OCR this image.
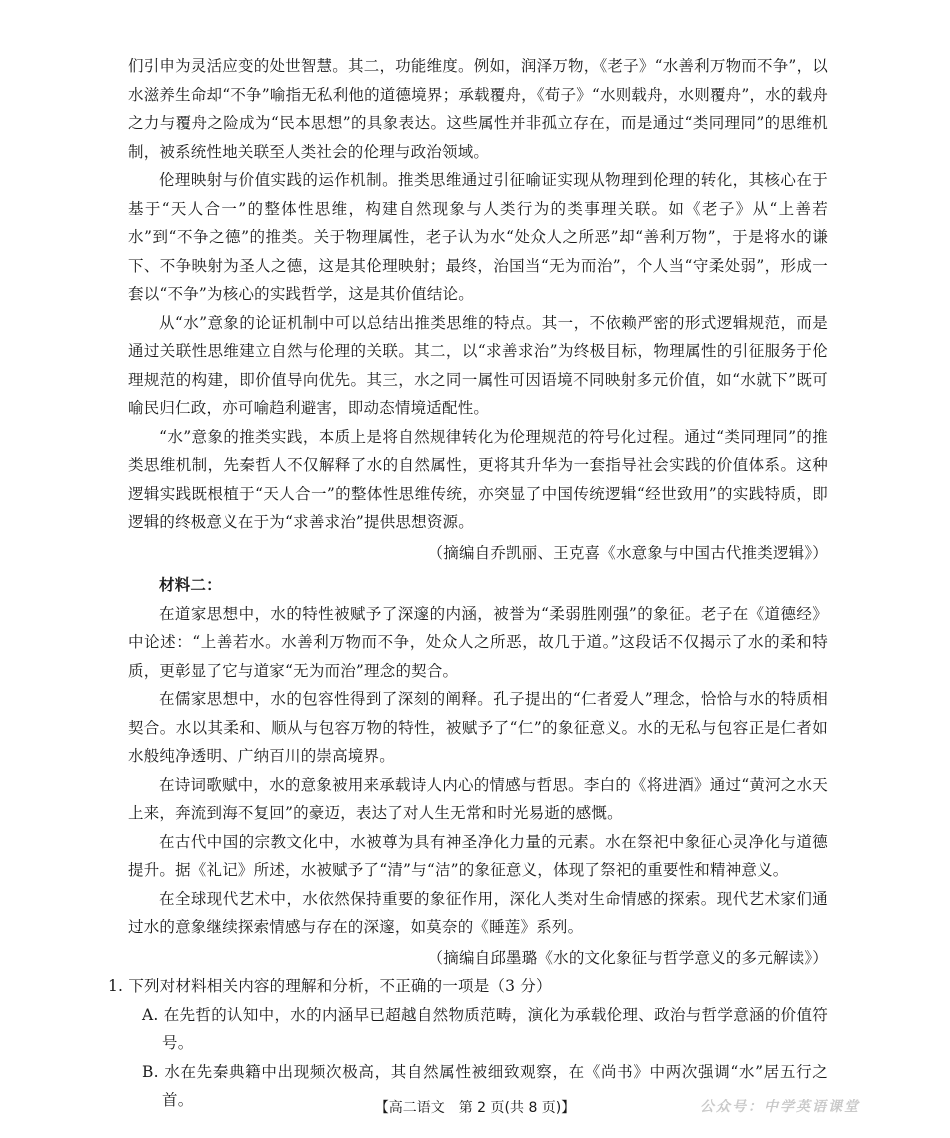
们引申为灵活应变的处世智慧。其二，功能维度。例如，润泽万物，《老子》“水善利万物而不争”，以水滋养生命却“不争”喻指无私利他的道德境界；承载覆舟，《荀子》“水则载舟，水则覆舟”，水的载舟之力与覆舟之险成为“民本思想”的具象表达。这些属性并非孤立存在，而是通过“类同理同”的思维机制，被系统性地关联至人类社会的伦理与政治领域。

伦理映射与价值实践的运作机制。推类思维通过引征喻证实现从物理到伦理的转化，其核心在于基于“天人合一”的整体性思维，构建自然现象与人类行为的类事理关联。如《老子》从“上善若水”到“不争之德”的推类。关于物理属性，老子认为水“处众人之所恶”却“善利万物”，于是将水的谦下、不争映射为圣人之德，这是其伦理映射；最终，治国当“无为而治”，个人当“守柔处弱”，形成一套以“不争”为核心的实践哲学，这是其价值结论。

从“水”意象的论证机制中可以总结出推类思维的特点。其一，不依赖严密的形式逻辑规范，而是通过关联性思维建立自然与伦理的关联。其二，以“求善求治”为终极目标，物理属性的引征服务于伦理规范的构建，即价值导向优先。其三，水之同一属性可因语境不同映射多元价值，如“水就下”既可喻民归仁政，亦可喻趋利避害，即动态情境适配性。

“水”意象的推类实践，本质上是将自然规律转化为伦理规范的符号化过程。通过“类同理同”的推类思维机制，先秦哲人不仅解释了水的自然属性，更将其升华为一套指导社会实践的价值体系。这种逻辑实践既根植于“天人合一”的整体性思维传统，亦突显了中国传统逻辑“经世致用”的实践特质，即逻辑的终极意义在于为“求善求治”提供思想资源。

（摘编自乔凯丽、王克喜《水意象与中国古代推类逻辑》）

材料二：

在道家思想中，水的特性被赋予了深邃的内涵，被誉为“柔弱胜刚强”的象征。老子在《道德经》中论述：“上善若水。水善利万物而不争，处众人之所恶，故几于道。”这段话不仅揭示了水的柔和特质，更彰显了它与道家“无为而治”理念的契合。

在儒家思想中，水的包容性得到了深刻的阐释。孔子提出的“仁者爱人”理念，恰恰与水的特质相契合。水以其柔和、顺从与包容万物的特性，被赋予了“仁”的象征意义。水的无私与包容正是仁者如水般纯净透明、广纳百川的崇高境界。

在诗词歌赋中，水的意象被用来承载诗人内心的情感与哲思。李白的《将进酒》通过“黄河之水天上来，奔流到海不复回”的豪迈，表达了对人生无常和时光易逝的感慨。

在古代中国的宗教文化中，水被尊为具有神圣净化力量的元素。水在祭祀中象征心灵净化与道德提升。据《礼记》所述，水被赋予了“清”与“洁”的象征意义，体现了祭祀的重要性和精神意义。

在全球现代艺术中，水依然保持重要的象征作用，深化人类对生命情感的探索。现代艺术家们通过水的意象继续探索情感与存在的深邃，如莫奈的《睡莲》系列。

（摘编自邱墨璐《水的文化象征与哲学意义的多元解读》）

1. 下列对材料相关内容的理解和分析，不正确的一项是（3 分）

A. 在先哲的认知中，水的内涵早已超越自然物质范畴，演化为承载伦理、政治与哲学意涵的价值符号。

B. 水在先秦典籍中出现频次极高，其自然属性被细致观察，在《尚书》中两次强调“水”居五行之首。	【高二语文　第 2 页(共 8 页)】	公众号：中学英语课堂
